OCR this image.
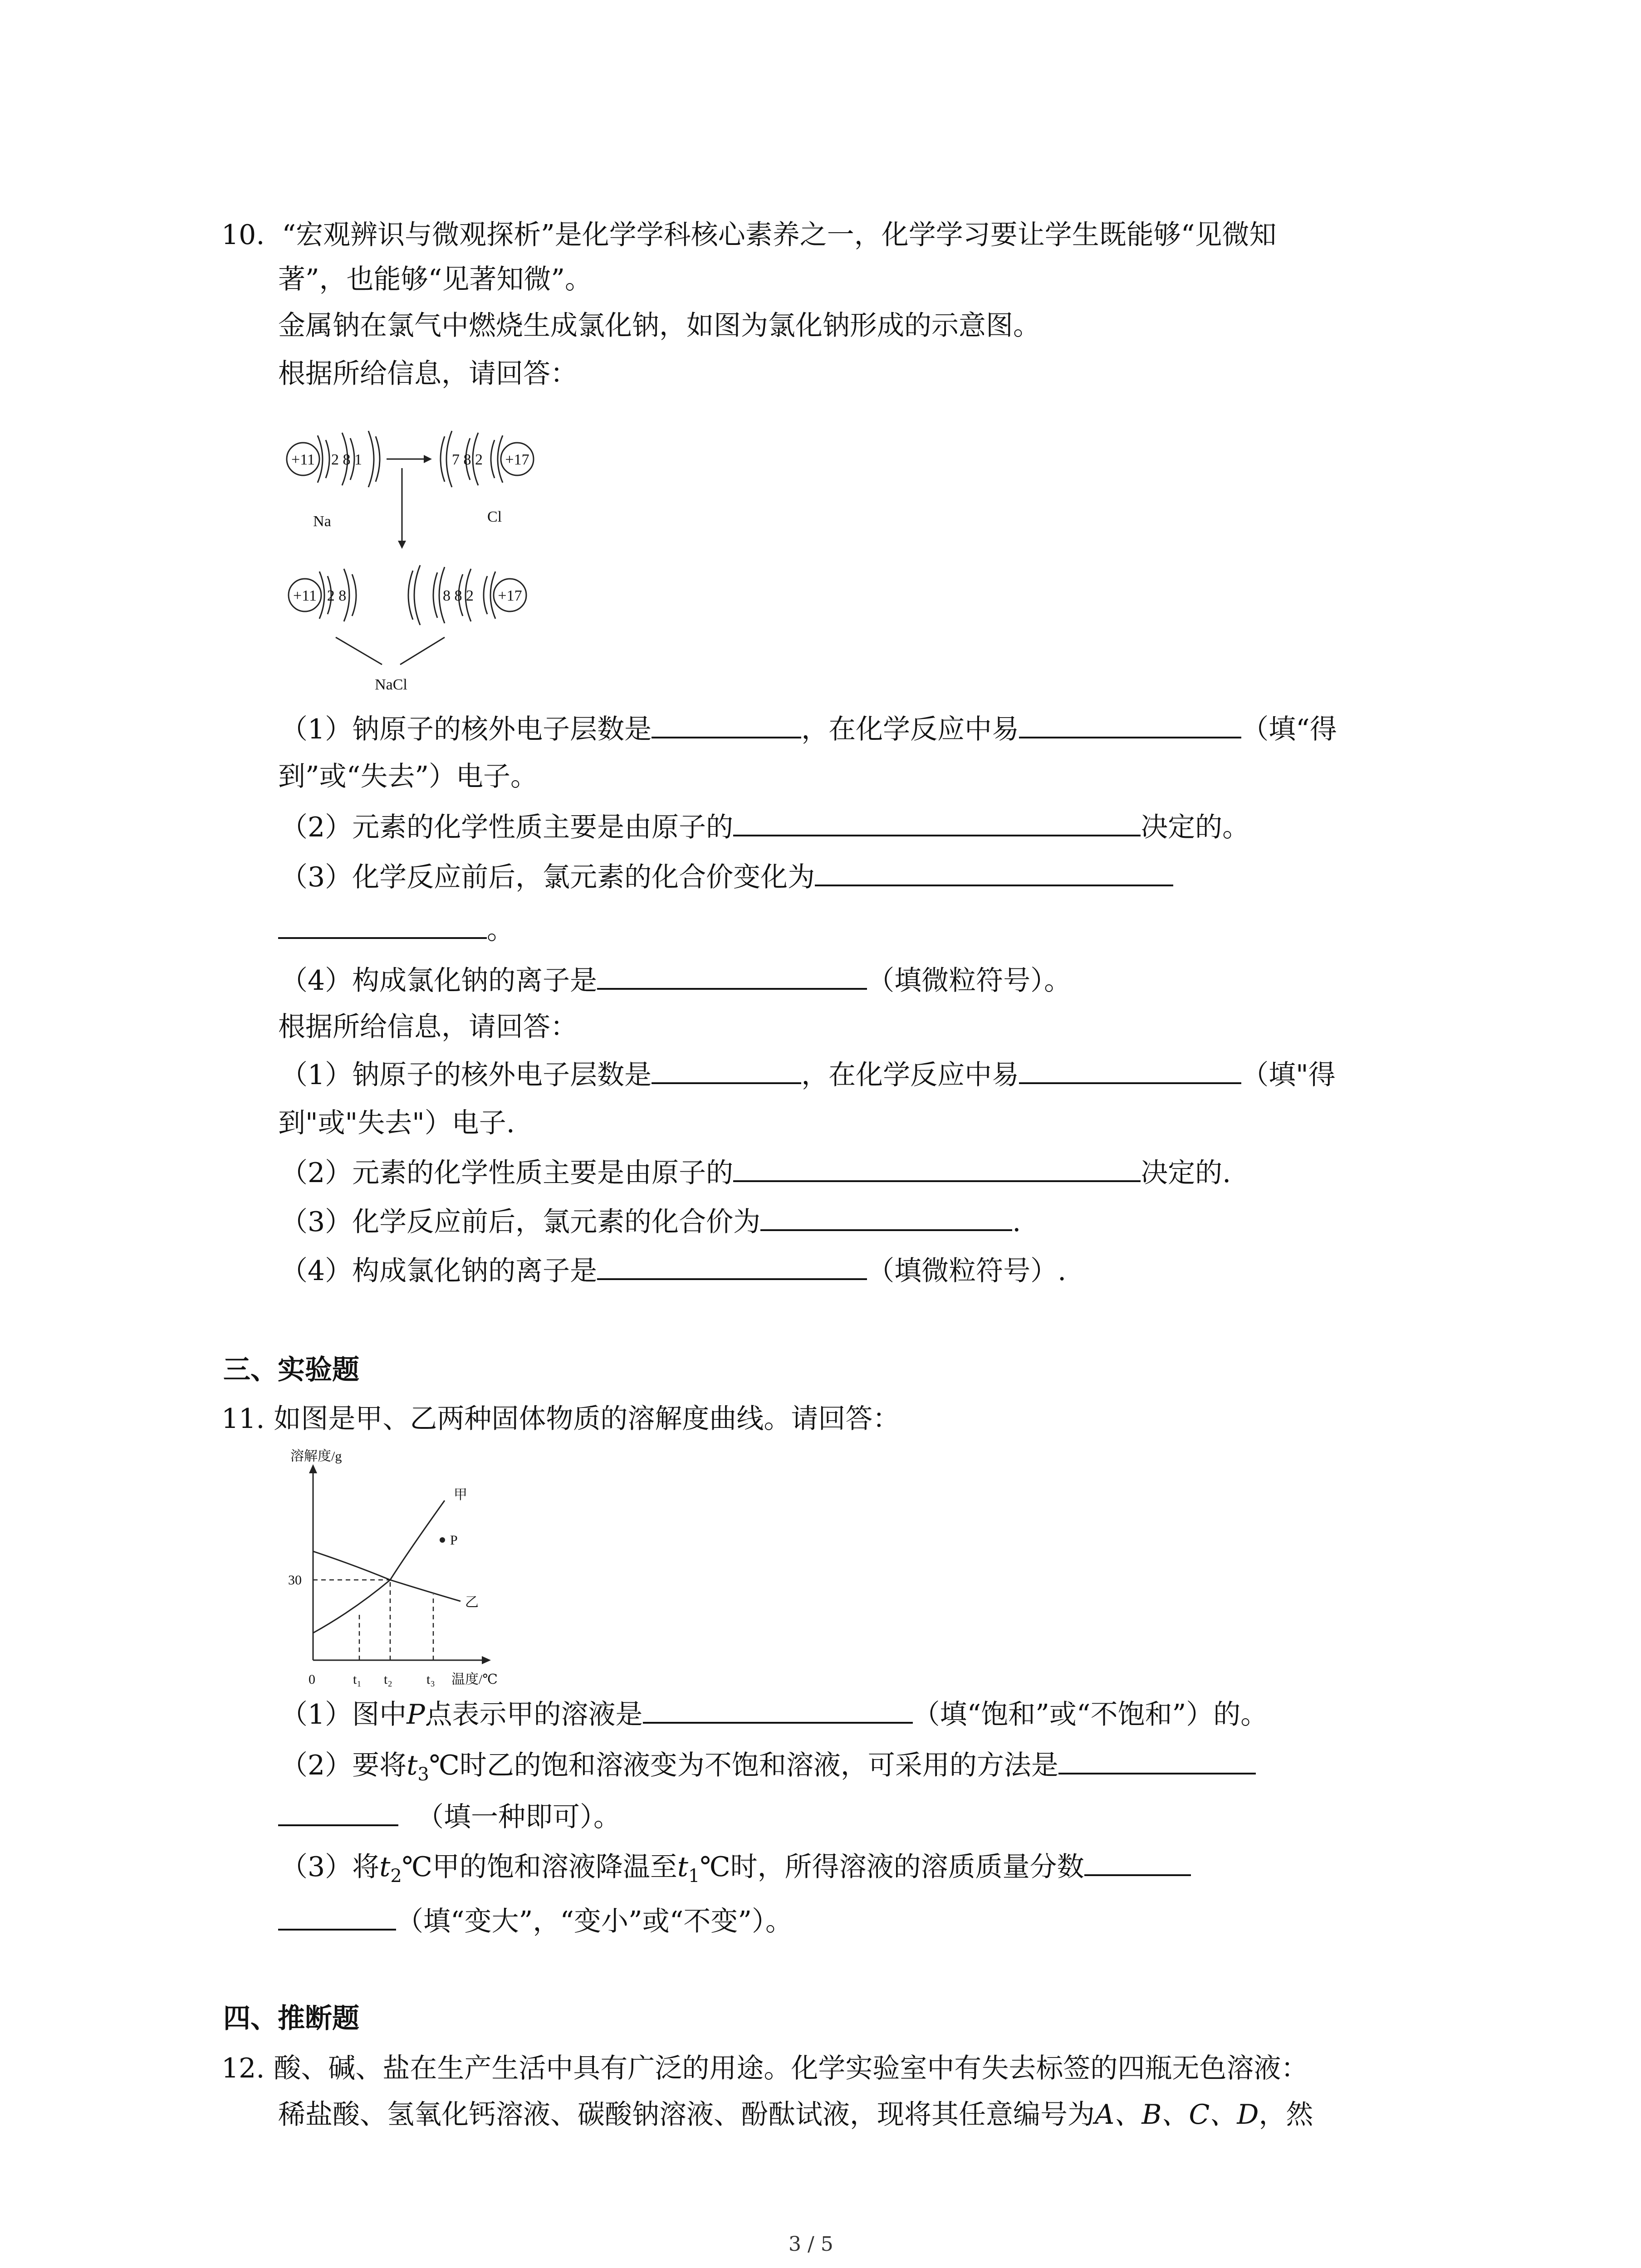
10. “宏观辨识与微观探析”是化学学科核心素养之一，化学学习要让学生既能够“见微知
著”，也能够“见著知微”。
金属钠在氯气中燃烧生成氯化钠，如图为氯化钠形成的示意图。
根据所给信息，请回答：
+11 2 8 1
Na
+17
7 8 2
Cl
+11 2 8	+17
8 8 2
NaCl
（1）钠原子的核外电子层数是	，在化学反应中易	（填“得
到”或“失去”）电子。
（2）元素的化学性质主要是由原子的	决定的。
（3）化学反应前后，氯元素的化合价变化为
。
（4）构成氯化钠的离子是	（填微粒符号）。
根据所给信息，请回答：
（1）钠原子的核外电子层数是	，在化学反应中易	（填"得
到"或"失去"）电子.
（2）元素的化学性质主要是由原子的	决定的.
（3）化学反应前后，氯元素的化合价为	.
（4）构成氯化钠的离子是	（填微粒符号）.
三、实验题
11. 如图是甲、乙两种固体物质的溶解度曲线。请回答：
溶解度/g
温度/℃
30
0	t₁ t₂	t₃
甲
乙
P
（1）图中P点表示甲的溶液是	（填“饱和”或“不饱和”）的。
（2）要将$t_3℃$时乙的饱和溶液变为不饱和溶液，可采用的方法是
（填一种即可）。
（3）将$t_2℃$甲的饱和溶液降温至$t_1℃$时，所得溶液的溶质质量分数
（填“变大”，“变小”或“不变”）。
四、推断题
12. 酸、碱、盐在生产生活中具有广泛的用途。化学实验室中有失去标签的四瓶无色溶液：
稀盐酸、氢氧化钙溶液、碳酸钠溶液、酚酞试液，现将其任意编号为A、B、C、D，然
3 / 5
